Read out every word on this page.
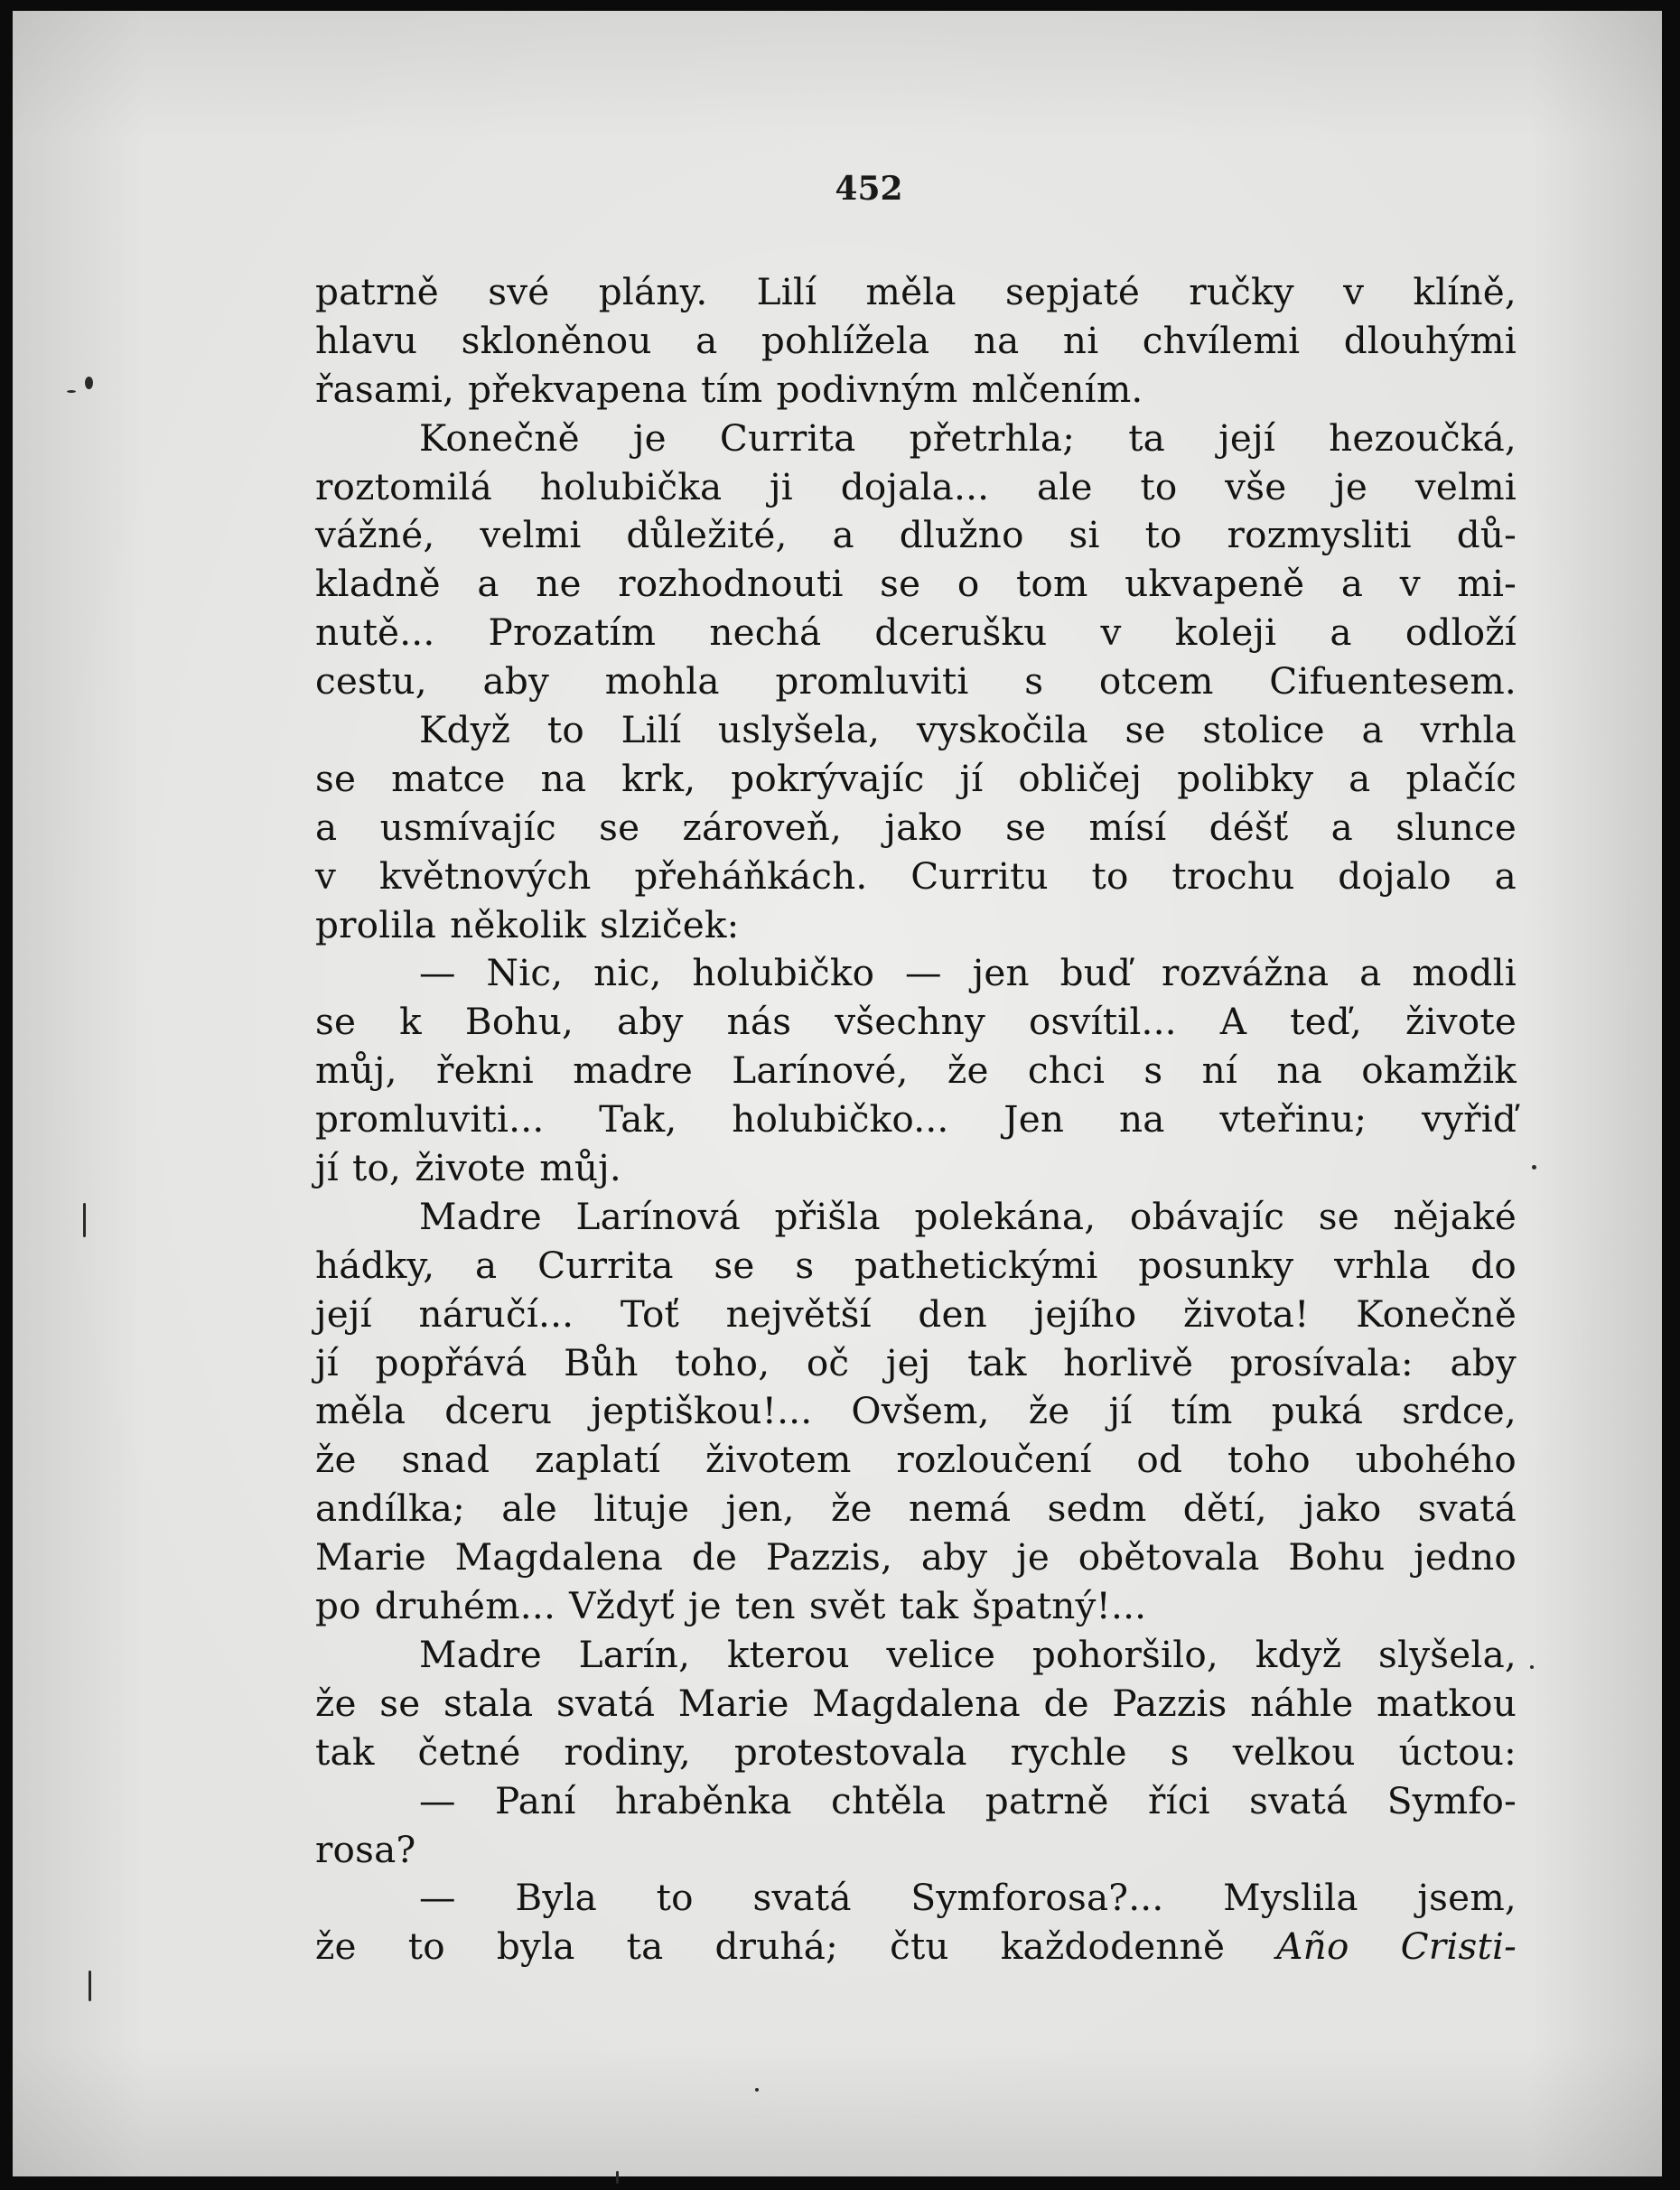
452
patrně své plány. Lilí měla sepjaté ručky v klíně,
hlavu skloněnou a pohlížela na ni chvílemi dlouhými
řasami, překvapena tím podivným mlčením.
Konečně je Currita přetrhla; ta její hezoučká,
roztomilá holubička ji dojala... ale to vše je velmi
vážné, velmi důležité, a dlužno si to rozmysliti dů-
kladně a ne rozhodnouti se o tom ukvapeně a v mi-
nutě... Prozatím nechá dcerušku v koleji a odloží
cestu, aby mohla promluviti s otcem Cifuentesem.
Když to Lilí uslyšela, vyskočila se stolice a vrhla
se matce na krk, pokrývajíc jí obličej polibky a plačíc
a usmívajíc se zároveň, jako se mísí déšť a slunce
v květnových přeháňkách. Curritu to trochu dojalo a
prolila několik slziček:
— Nic, nic, holubičko — jen buď rozvážna a modli
se k Bohu, aby nás všechny osvítil... A teď, živote
můj, řekni madre Larínové, že chci s ní na okamžik
promluviti... Tak, holubičko... Jen na vteřinu; vyřiď
jí to, živote můj.
Madre Larínová přišla polekána, obávajíc se nějaké
hádky, a Currita se s pathetickými posunky vrhla do
její náručí... Toť největší den jejího života! Konečně
jí popřává Bůh toho, oč jej tak horlivě prosívala: aby
měla dceru jeptiškou!... Ovšem, že jí tím puká srdce,
že snad zaplatí životem rozloučení od toho ubohého
andílka; ale lituje jen, že nemá sedm dětí, jako svatá
Marie Magdalena de Pazzis, aby je obětovala Bohu jedno
po druhém... Vždyť je ten svět tak špatný!...
Madre Larín, kterou velice pohoršilo, když slyšela,
že se stala svatá Marie Magdalena de Pazzis náhle matkou
tak četné rodiny, protestovala rychle s velkou úctou:
— Paní hraběnka chtěla patrně říci svatá Symfo-
rosa?
— Byla to svatá Symforosa?... Myslila jsem,
že to byla ta druhá; čtu každodenně Año Cristi-
